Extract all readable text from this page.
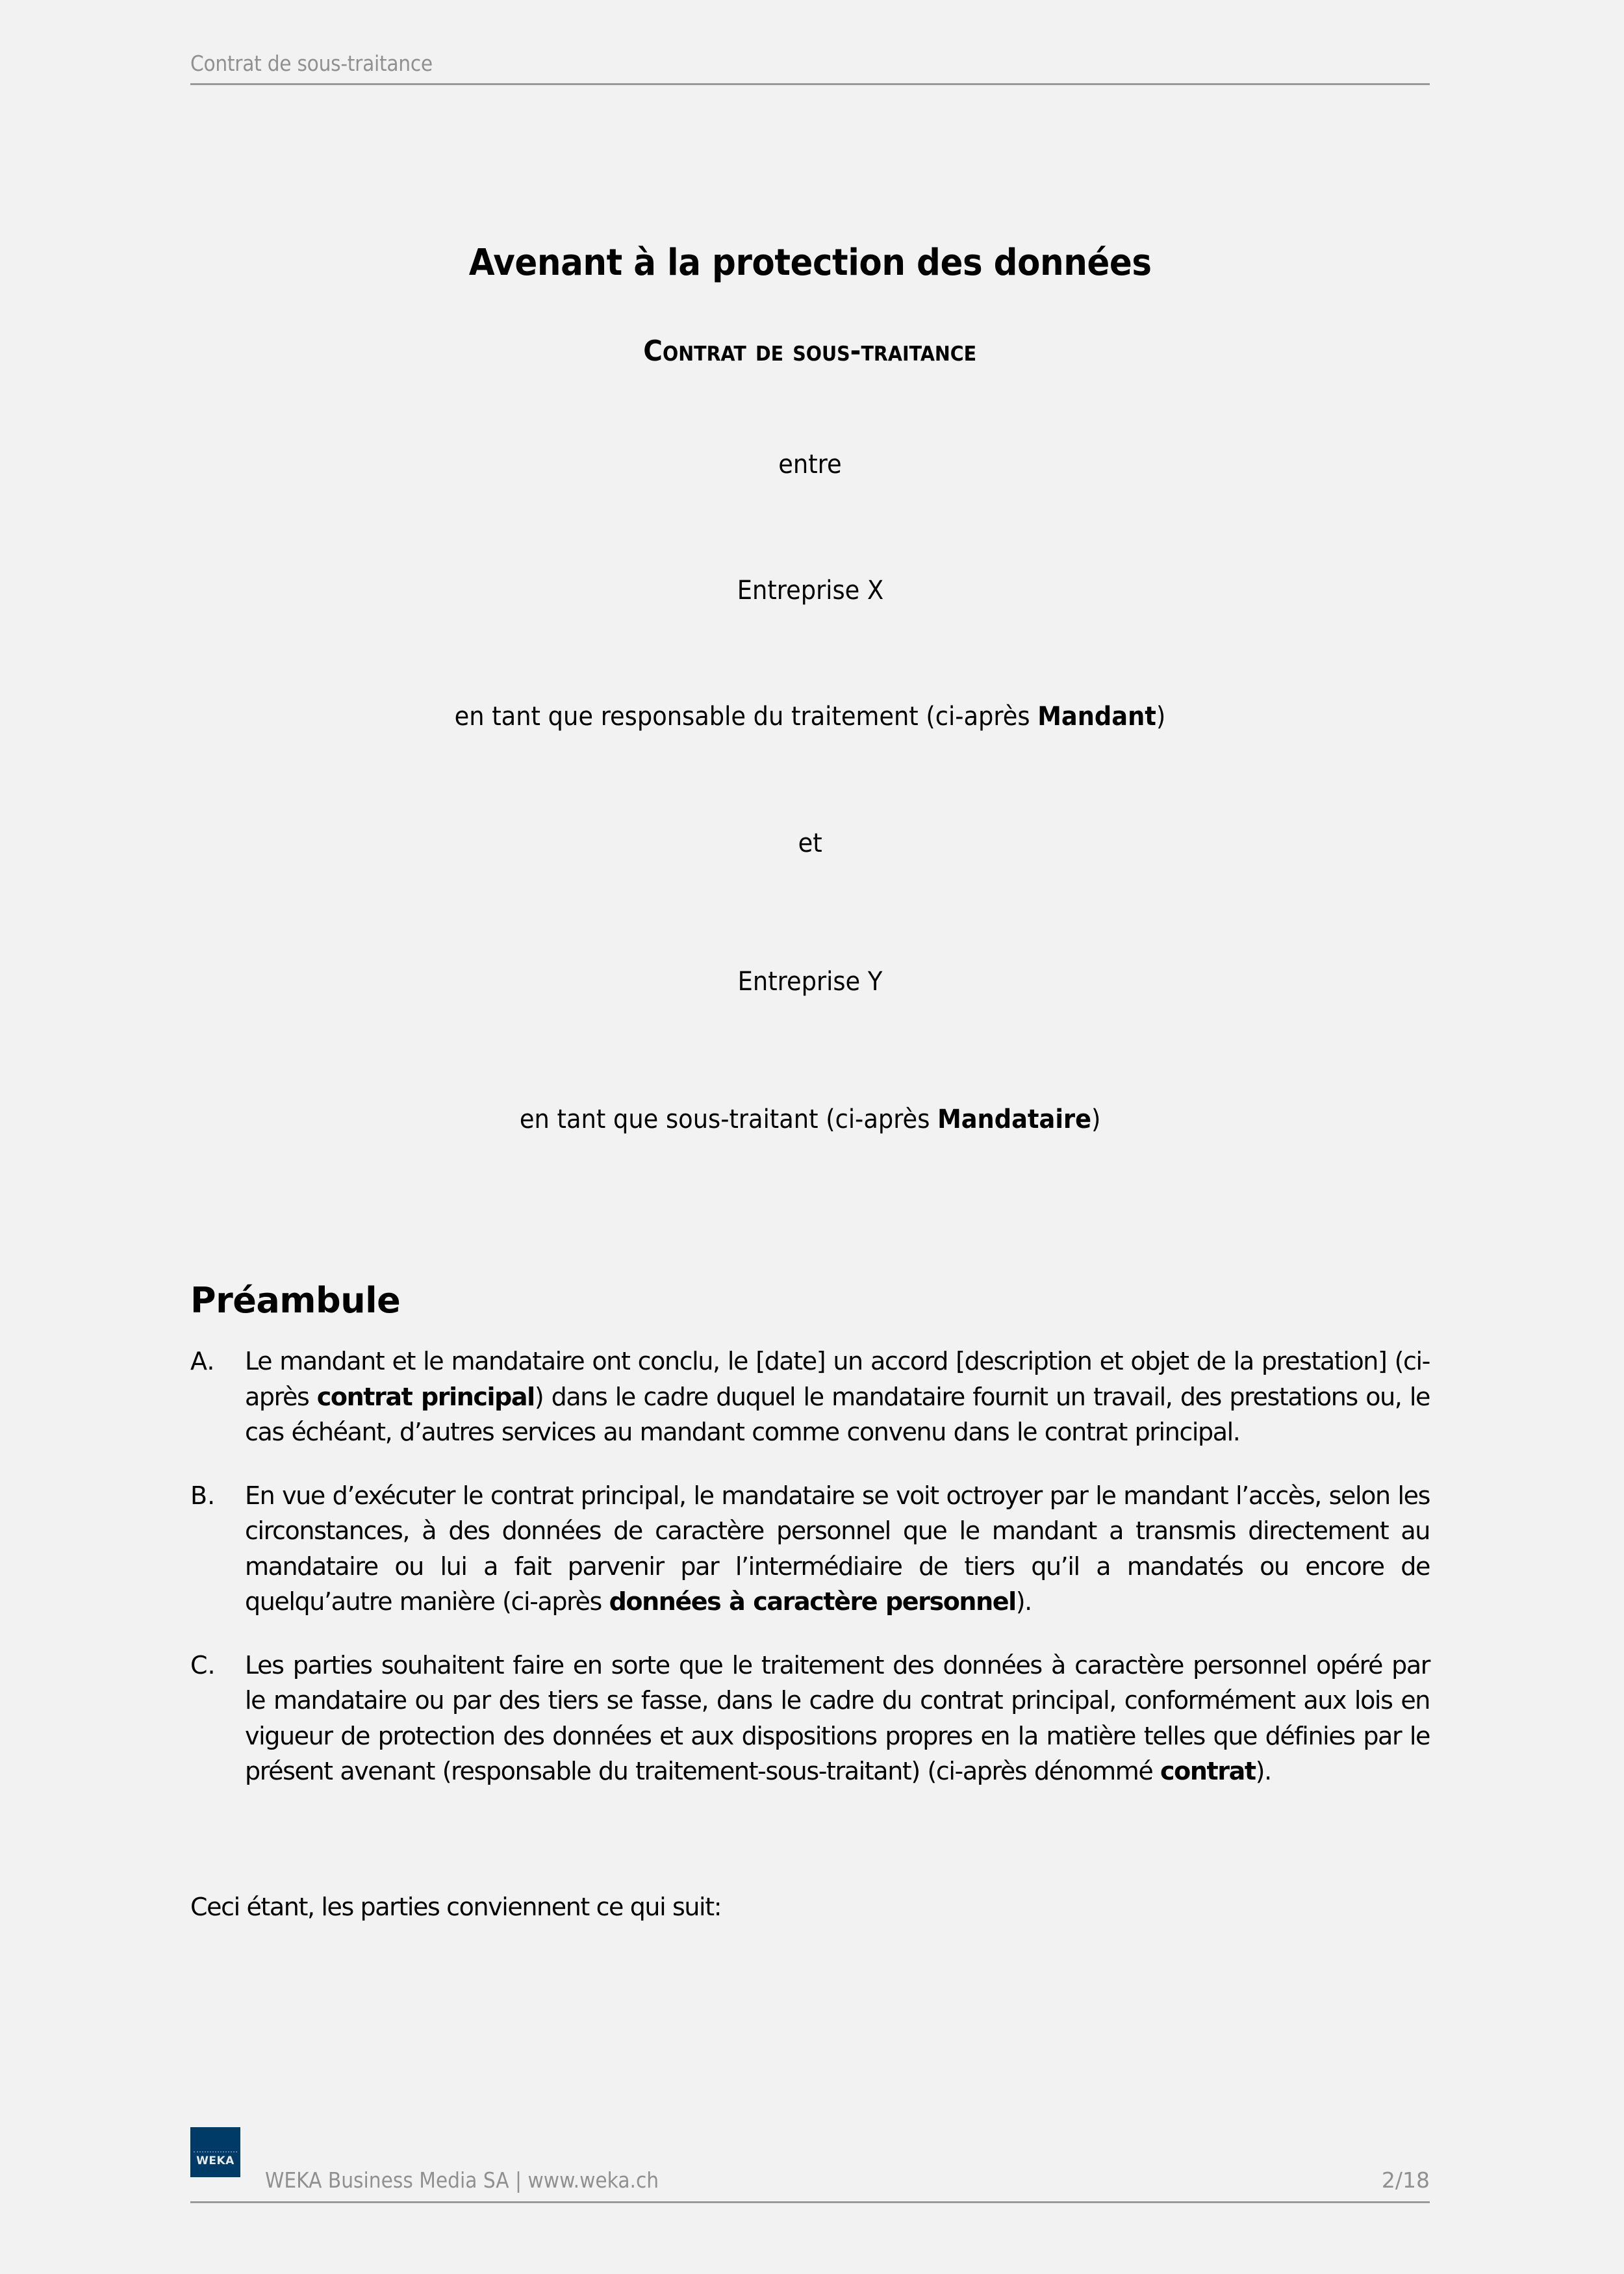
Contrat de sous-traitance
Avenant à la protection des données
Contrat de sous-traitance
entre
Entreprise X
en tant que responsable du traitement (ci-après Mandant)
et
Entreprise Y
en tant que sous-traitant (ci-après Mandataire)
Préambule
A. Le mandant et le mandataire ont conclu, le [date] un accord [description et objet de la prestation] (ci-après contrat principal) dans le cadre duquel le mandataire fournit un travail, des prestations ou, le cas échéant, d’autres services au mandant comme convenu dans le contrat principal.
B. En vue d’exécuter le contrat principal, le mandataire se voit octroyer par le mandant l’accès, selon les circonstances, à des données de caractère personnel que le mandant a transmis directement au mandataire ou lui a fait parvenir par l’intermédiaire de tiers qu’il a mandatés ou encore de quelqu’autre manière (ci-après données à caractère personnel).
C. Les parties souhaitent faire en sorte que le traitement des données à caractère personnel opéré par le mandataire ou par des tiers se fasse, dans le cadre du contrat principal, conformément aux lois en vigueur de protection des données et aux dispositions propres en la matière telles que définies par le présent avenant (responsable du traitement-sous-traitant) (ci-après dénommé contrat).
Ceci étant, les parties conviennent ce qui suit:
WEKA
WEKA Business Media SA | www.weka.ch	2/18
